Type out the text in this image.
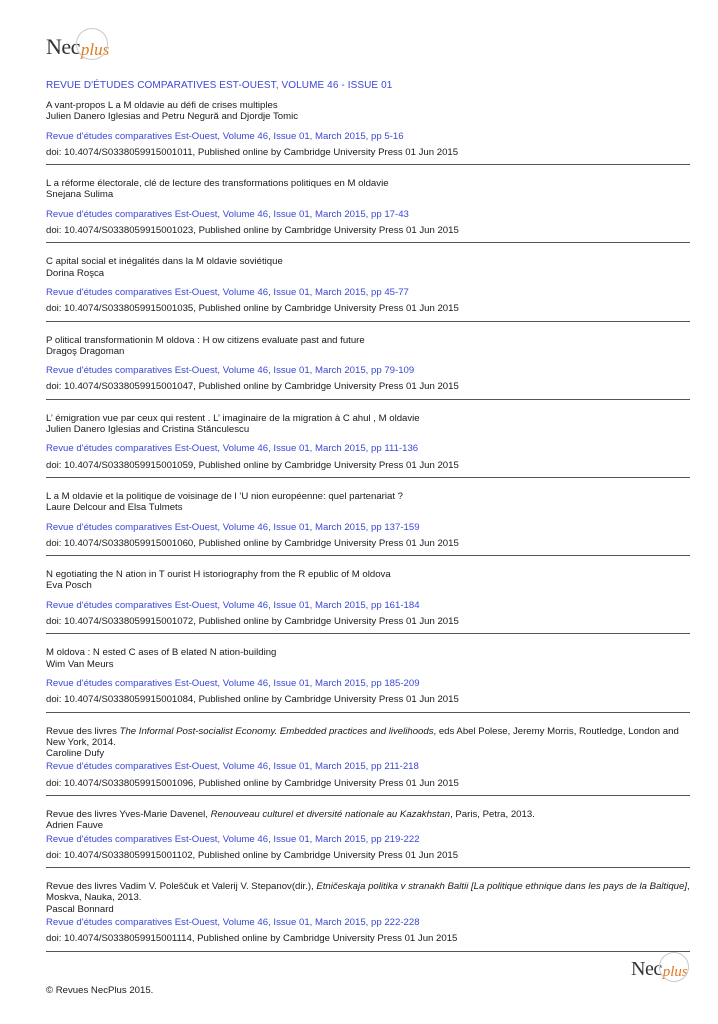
Nec plus
REVUE D'ÉTUDES COMPARATIVES EST-OUEST, VOLUME 46 - ISSUE 01
A vant-propos L a M oldavie au défi de crises multiples
Julien Danero Iglesias and Petru Negură and Djordje Tomic
Revue d'études comparatives Est-Ouest, Volume 46, Issue 01, March 2015, pp 5-16
doi: 10.4074/S0338059915001011, Published online by Cambridge University Press 01 Jun 2015
L a réforme électorale, clé de lecture des transformations politiques en M oldavie
Snejana Sulima
Revue d'études comparatives Est-Ouest, Volume 46, Issue 01, March 2015, pp 17-43
doi: 10.4074/S0338059915001023, Published online by Cambridge University Press 01 Jun 2015
C apital social et inégalités dans la M oldavie soviétique
Dorina Roşca
Revue d'études comparatives Est-Ouest, Volume 46, Issue 01, March 2015, pp 45-77
doi: 10.4074/S0338059915001035, Published online by Cambridge University Press 01 Jun 2015
P olitical transformationin M oldova : H ow citizens evaluate past and future
Dragoş Dragoman
Revue d'études comparatives Est-Ouest, Volume 46, Issue 01, March 2015, pp 79-109
doi: 10.4074/S0338059915001047, Published online by Cambridge University Press 01 Jun 2015
L’ émigration vue par ceux qui restent . L’ imaginaire de la migration à C ahul , M oldavie
Julien Danero Iglesias and Cristina Stănculescu
Revue d'études comparatives Est-Ouest, Volume 46, Issue 01, March 2015, pp 111-136
doi: 10.4074/S0338059915001059, Published online by Cambridge University Press 01 Jun 2015
L a M oldavie et la politique de voisinage de l ’U nion européenne: quel partenariat ?
Laure Delcour and Elsa Tulmets
Revue d'études comparatives Est-Ouest, Volume 46, Issue 01, March 2015, pp 137-159
doi: 10.4074/S0338059915001060, Published online by Cambridge University Press 01 Jun 2015
N egotiating the N ation in T ourist H istoriography from the R epublic of M oldova
Eva Posch
Revue d'études comparatives Est-Ouest, Volume 46, Issue 01, March 2015, pp 161-184
doi: 10.4074/S0338059915001072, Published online by Cambridge University Press 01 Jun 2015
M oldova : N ested C ases of B elated N ation-building
Wim Van Meurs
Revue d'études comparatives Est-Ouest, Volume 46, Issue 01, March 2015, pp 185-209
doi: 10.4074/S0338059915001084, Published online by Cambridge University Press 01 Jun 2015
Revue des livres The Informal Post-socialist Economy. Embedded practices and livelihoods, eds Abel Polese, Jeremy Morris, Routledge, London and New York, 2014.
Caroline Dufy
Revue d'études comparatives Est-Ouest, Volume 46, Issue 01, March 2015, pp 211-218
doi: 10.4074/S0338059915001096, Published online by Cambridge University Press 01 Jun 2015
Revue des livres Yves-Marie Davenel, Renouveau culturel et diversité nationale au Kazakhstan, Paris, Petra, 2013.
Adrien Fauve
Revue d'études comparatives Est-Ouest, Volume 46, Issue 01, March 2015, pp 219-222
doi: 10.4074/S0338059915001102, Published online by Cambridge University Press 01 Jun 2015
Revue des livres Vadim V. Poleščuk et Valerij V. Stepanov(dir.), Etničeskaja politika v stranakh Baltii [La politique ethnique dans les pays de la Baltique], Moskva, Nauka, 2013.
Pascal Bonnard
Revue d'études comparatives Est-Ouest, Volume 46, Issue 01, March 2015, pp 222-228
doi: 10.4074/S0338059915001114, Published online by Cambridge University Press 01 Jun 2015
© Revues NecPlus 2015.
Nec plus
